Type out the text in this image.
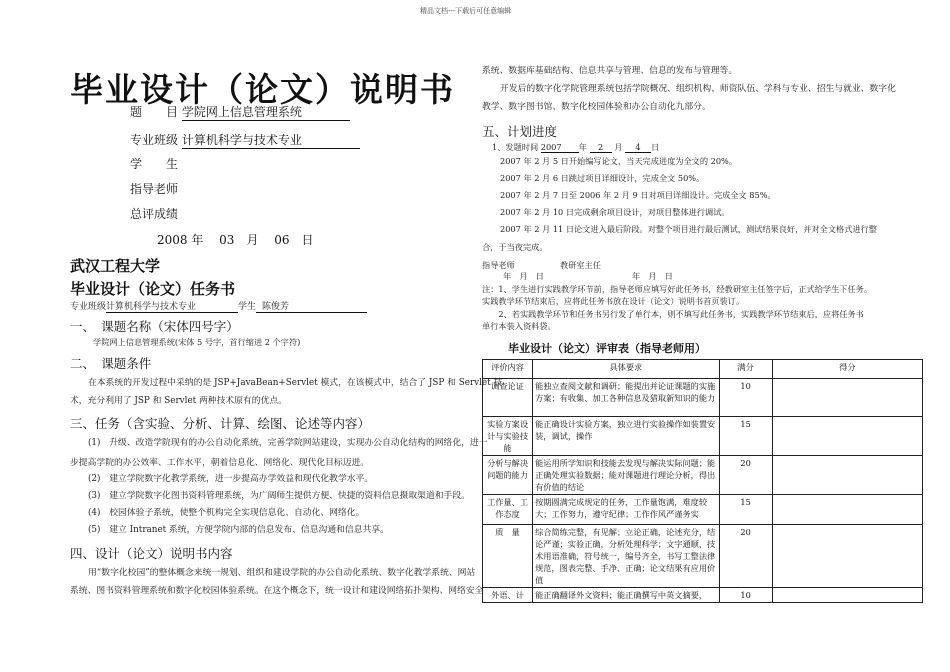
精品文档---下载后可任意编辑
毕业设计（论文）说明书
题　　目 学院网上信息管理系统
专业班级 计算机科学与技术专业
学　　生
指导老师
总评成绩
2008 年　 03　月　 06　日
武汉工程大学
毕业设计（论文）任务书
专业班级计算机科学与技术专业	学生 陈俊芳
一、　课题名称（宋体四号字）
学院网上信息管理系统(宋体 5 号字，首行缩进 2 个字符)
二、　课题条件
在本系统的开发过程中采纳的是 JSP+JavaBean+Servlet 模式，在该模式中，结合了 JSP 和 Servlet 技
术，充分利用了 JSP 和 Servlet 两种技术原有的优点。
三、任务（含实验、分析、计算、绘图、论述等内容）
(1)　升级、改造学院现有的办公自动化系统，完善学院网站建设，实现办公自动化结构的网络化，进一
步提高学院的办公效率、工作水平，朝着信息化、网络化、现代化目标迈进。
(2)　建立学院数字化教学系统，进一步提高办学效益和现代化教学水平。
(3)　建立学院数字化图书资料管理系统，为广阔师生提供方便、快捷的资料信息摄取渠道和手段。
(4)　校园体验子系统，使整个机构完全实现信息化、自动化、网络化。
(5)　建立 Intranet 系统，方便学院内部的信息发布、信息沟通和信息共享。
四、设计（论文）说明书内容
用“数字化校园”的整体概念来统一规划、组织和建设学院的办公自动化系统、数字化教学系统、网站
系统、图书资料管理系统和数字化校园体验系统。在这个概念下，统一设计和建设网络拓扑架构、网络安全
系统、数据库基础结构、信息共享与管理、信息的发布与管理等。
开发后的数字化学院管理系统包括学院概况、组织机构、师资队伍、学科与专业、招生与就业、数字化
教学、数字图书馆、数字化校园体验和办公自动化九部分。
五、计划进度
1、发题时间 2007 年 2 月 4 日
2007 年 2 月 5 日开始编写论文，当天完成进度为全文的 20%。
2007 年 2 月 6 日跳过项目详细设计，完成全文 50%。
2007 年 2 月 7 日至 2006 年 2 月 9 日对项目详细设计。完成全文 85%。
2007 年 2 月 10 日完成剩余项目设计，对项目整体进行调试。
2007 年 2 月 11 日论文进入最后阶段。对整个项目进行最后测试，测试结果良好，并对全文格式进行整
合，于当夜完成。
指导老师	教研室主任
年　月　日	年　月　日
注：1、学生进行实践教学环节前，指导老师应填写好此任务书，经教研室主任签字后，正式给学生下任务。
实践教学环节结束后，应将此任务书放在设计（论文）说明书首页装订。
　　2、若实践教学环节和任务书另行发了单行本，则不填写此任务书，实践教学环节结束后，应将任务书
单行本装入资料袋。
毕业设计（论文）评审表（指导老师用）
评价内容	具体要求	满分	得分
调查论证	能独立查阅文献和调研；能提出并论证课题的实施方案；有收集、加工各种信息及猎取新知识的能力	10	
实验方案设计与实验技能	能正确设计实验方案，独立进行实验操作如装置安装，调试，操作	15	
分析与解决问题的能力	能运用所学知识和技能去发现与解决实际问题；能正确处理实验数据；能对课题进行理论分析，得出有价值的结论	20	
工作量、工作态度	按期圆满完成规定的任务，工作量饱满，难度较大；工作努力，遵守纪律；工作作风严谨务实	15	
质　量	综合简练完整，有见解；立论正确，论述充分，结论严谨；实验正确，分析处理科学；文字通顺，技术用语准确，符号统一，编号齐全，书写工整法律规范，图表完整、手净、正确；论文结果有应用价值	20	
外语、计	能正确翻译外文资料；能正确撰写中英文摘要，	10	
